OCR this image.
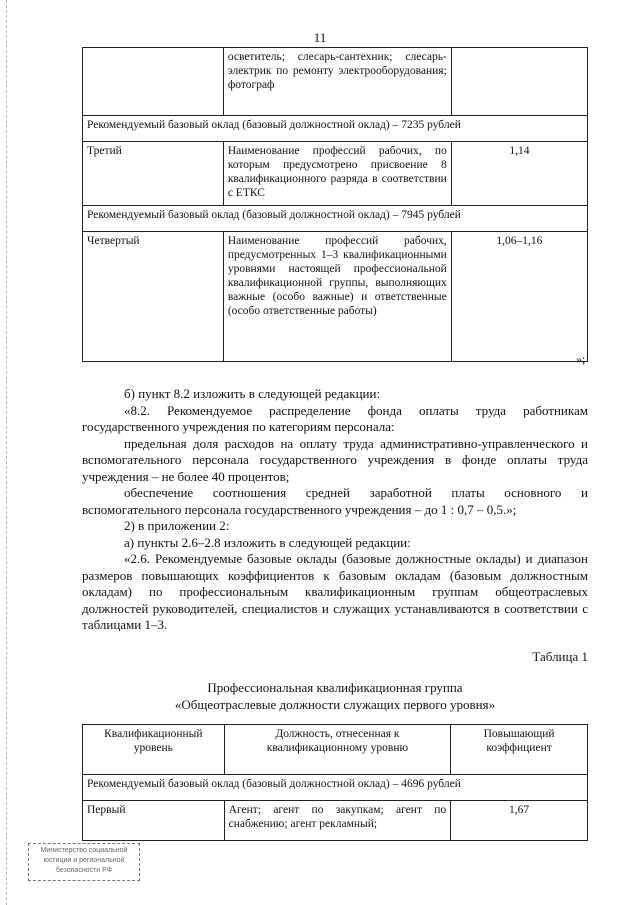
11
	осветитель; слесарь-сантехник; слесарь-электрик по ремонту электрооборудования; фотограф	
Рекомендуемый базовый оклад (базовый должностной оклад) – 7235 рублей		
Третий	Наименование профессий рабочих, по которым предусмотрено присвоение 8 квалификационного разряда в соответствии с ЕТКС	1,14
Рекомендуемый базовый оклад (базовый должностной оклад) – 7945 рублей		
Четвертый	Наименование профессий рабочих, предусмотренных 1–3 квалификационными уровнями настоящей профессиональной квалификационной группы, выполняющих важные (особо важные) и ответственные (особо ответственные работы)	1,06–1,16
»;

б) пункт 8.2 изложить в следующей редакции:

«8.2. Рекомендуемое распределение фонда оплаты труда работникам государственного учреждения по категориям персонала:

предельная доля расходов на оплату труда административно-управленческого и вспомогательного персонала государственного учреждения в фонде оплаты труда учреждения – не более 40 процентов;

обеспечение соотношения средней заработной платы основного и вспомогательного персонала государственного учреждения – до 1 : 0,7 – 0,5.»;

2) в приложении 2:

а) пункты 2.6–2.8 изложить в следующей редакции:

«2.6. Рекомендуемые базовые оклады (базовые должностные оклады) и диапазон размеров повышающих коэффициентов к базовым окладам (базовым должностным окладам) по профессиональным квалификационным группам общеотраслевых должностей руководителей, специалистов и служащих устанавливаются в соответствии с таблицами 1–3.

Таблица 1
Профессиональная квалификационная группа
«Общеотраслевые должности служащих первого уровня»
Квалификационный уровень	Должность, отнесенная к квалификационному уровню	Повышающий коэффициент
Рекомендуемый базовый оклад (базовый должностной оклад) – 4696 рублей		
Первый	Агент; агент по закупкам; агент по снабжению; агент рекламный;	1,67
Министерство социальной
юстиции и региональной
безопасности РФ
